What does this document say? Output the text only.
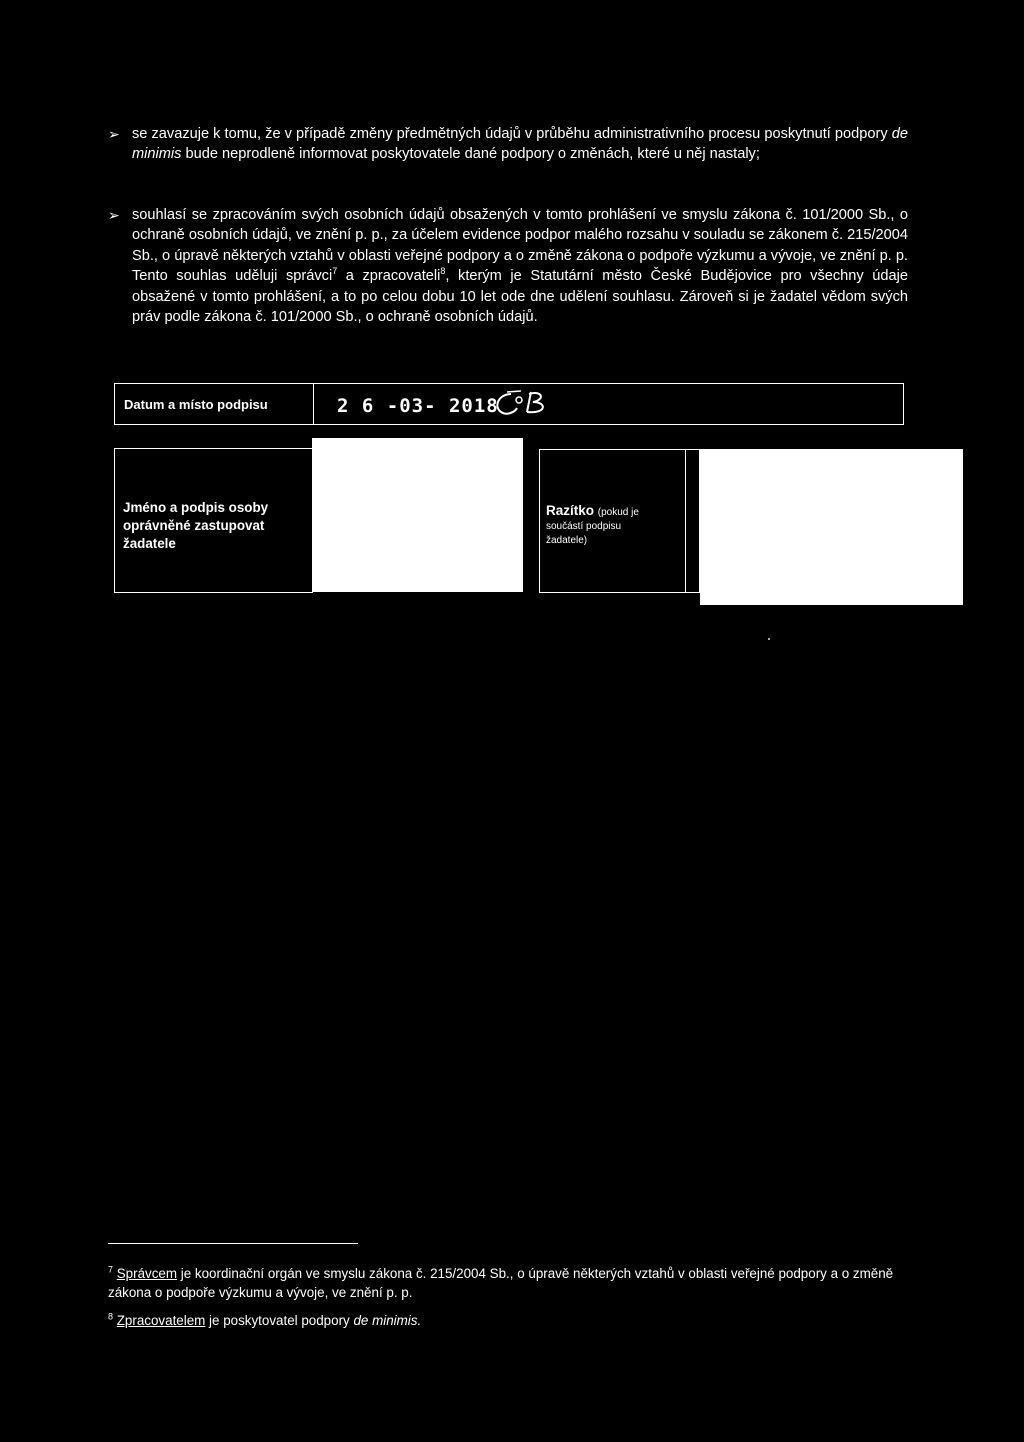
➢ se zavazuje k tomu, že v případě změny předmětných údajů v průběhu administrativního procesu poskytnutí podpory de minimis bude neprodleně informovat poskytovatele dané podpory o změnách, které u něj nastaly;
➢ souhlasí se zpracováním svých osobních údajů obsažených v tomto prohlášení ve smyslu zákona č. 101/2000 Sb., o ochraně osobních údajů, ve znění p. p., za účelem evidence podpor malého rozsahu v souladu se zákonem č. 215/2004 Sb., o úpravě některých vztahů v oblasti veřejné podpory a o změně zákona o podpoře výzkumu a vývoje, ve znění p. p. Tento souhlas uděluji správci$^7$ a zpracovateli$^8$, kterým je Statutární město České Budějovice pro všechny údaje obsažené v tomto prohlášení, a to po celou dobu 10 let ode dne udělení souhlasu. Zároveň si je žadatel vědom svých práv podle zákona č. 101/2000 Sb., o ochraně osobních údajů.
Datum a místo podpisu	2 6 -03- 2018
Jméno a podpis osoby
oprávněné zastupovat
žadatele
Razítko (pokud je
součástí podpisu
žadatele)
$^7$ Správcem je koordinační orgán ve smyslu zákona č. 215/2004 Sb., o úpravě některých vztahů v oblasti veřejné podpory a o změně zákona o podpoře výzkumu a vývoje, ve znění p. p.
$^8$ Zpracovatelem je poskytovatel podpory de minimis.
